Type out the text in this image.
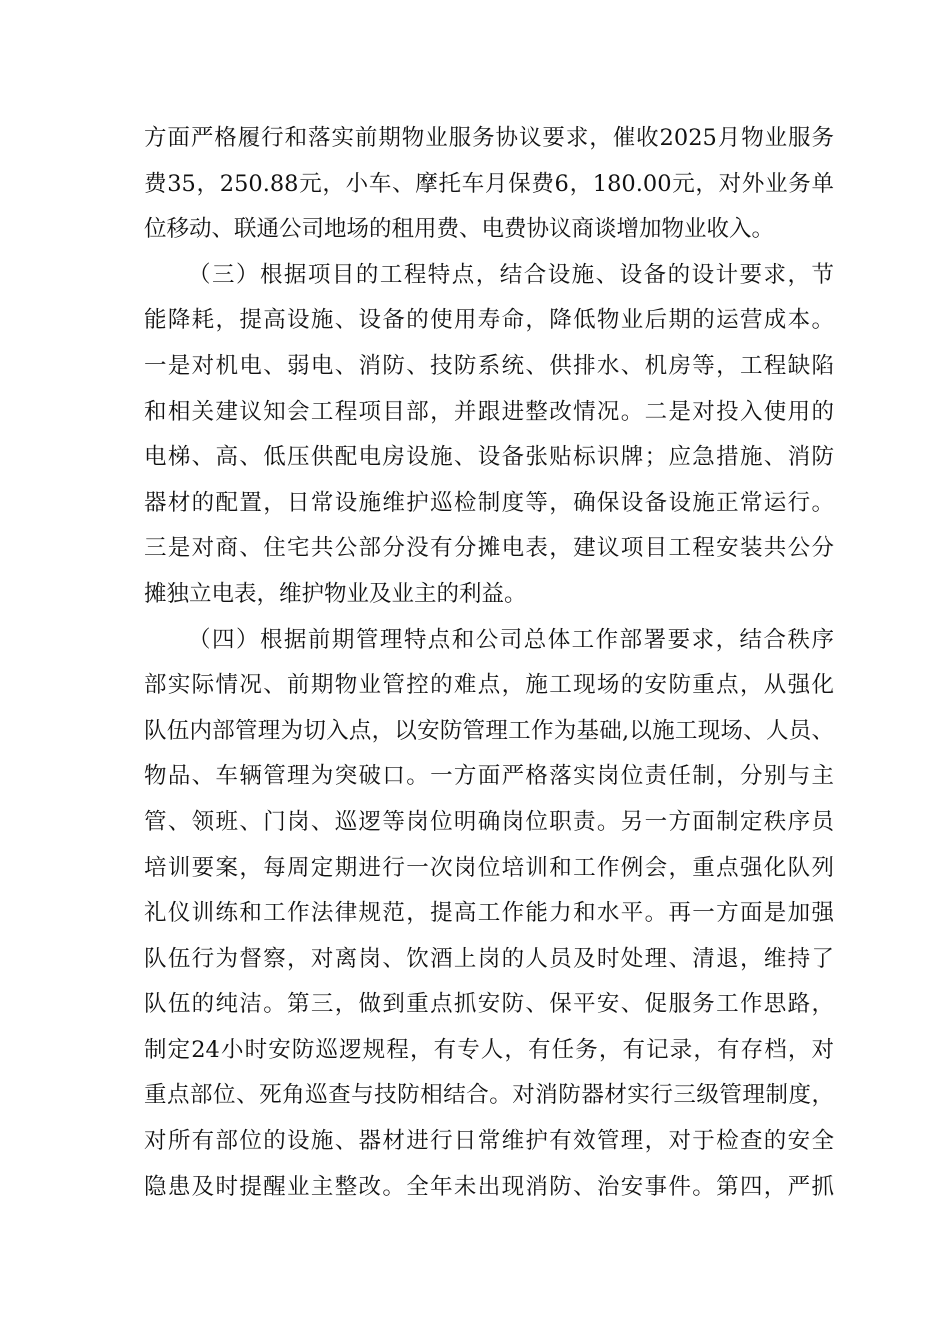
方面严格履行和落实前期物业服务协议要求，催收2025月物业服务
费35，250.88元，小车、摩托车月保费6，180.00元，对外业务单
位移动、联通公司地场的租用费、电费协议商谈增加物业收入。
（三）根据项目的工程特点，结合设施、设备的设计要求，节
能降耗，提高设施、设备的使用寿命，降低物业后期的运营成本。
一是对机电、弱电、消防、技防系统、供排水、机房等，工程缺陷
和相关建议知会工程项目部，并跟进整改情况。二是对投入使用的
电梯、高、低压供配电房设施、设备张贴标识牌；应急措施、消防
器材的配置，日常设施维护巡检制度等，确保设备设施正常运行。
三是对商、住宅共公部分没有分摊电表，建议项目工程安装共公分
摊独立电表，维护物业及业主的利益。
（四）根据前期管理特点和公司总体工作部署要求，结合秩序
部实际情况、前期物业管控的难点，施工现场的安防重点，从强化
队伍内部管理为切入点，以安防管理工作为基础,以施工现场、人员、
物品、车辆管理为突破口。一方面严格落实岗位责任制，分别与主
管、领班、门岗、巡逻等岗位明确岗位职责。另一方面制定秩序员
培训要案，每周定期进行一次岗位培训和工作例会，重点强化队列
礼仪训练和工作法律规范，提高工作能力和水平。再一方面是加强
队伍行为督察，对离岗、饮酒上岗的人员及时处理、清退，维持了
队伍的纯洁。第三，做到重点抓安防、保平安、促服务工作思路，
制定24小时安防巡逻规程，有专人，有任务，有记录，有存档，对
重点部位、死角巡查与技防相结合。对消防器材实行三级管理制度，
对所有部位的设施、器材进行日常维护有效管理，对于检查的安全
隐患及时提醒业主整改。全年未出现消防、治安事件。第四，严抓
